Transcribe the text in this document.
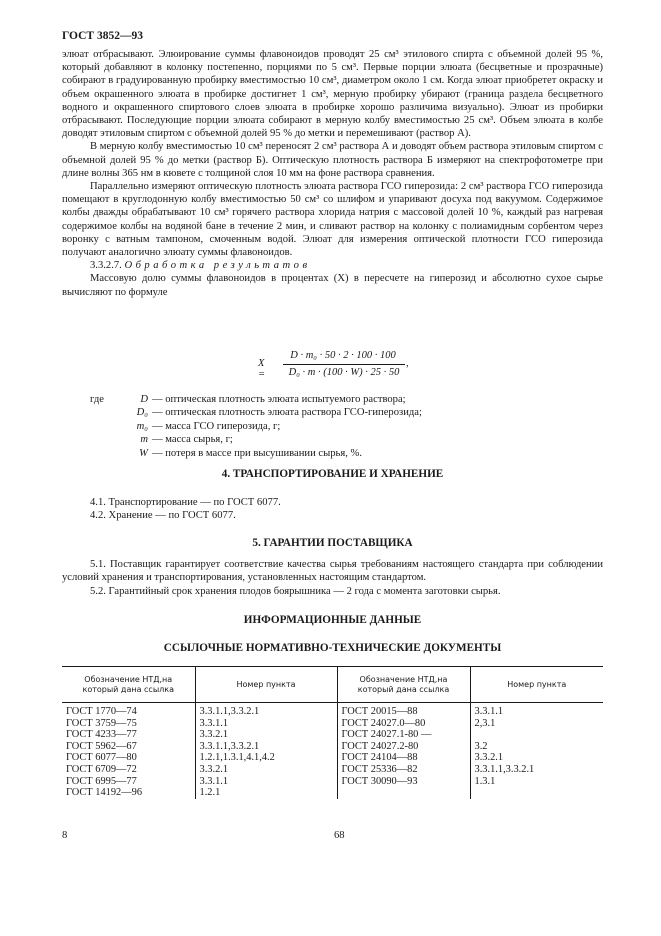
ГОСТ 3852—93

элюат отбрасывают. Элюирование суммы флавоноидов проводят 25 см³ этилового спирта с объемной долей 95 %, который добавляют в колонку постепенно, порциями по 5 см³. Первые порции элюата (бесцветные и прозрачные) собирают в градуированную пробирку вместимостью 10 см³, диаметром около 1 см. Когда элюат приобретет окраску и объем окрашенного элюата в пробирке достигнет 1 см³, мерную пробирку убирают (граница раздела бесцветного водного и окрашенного спиртового слоев элюата в пробирке хорошо различима визуально). Элюат из пробирки отбрасывают. Последующие порции элюата собирают в мерную колбу вместимостью 25 см³. Объем элюата в колбе доводят этиловым спиртом с объемной долей 95 % до метки и перемешивают (раствор А).

В мерную колбу вместимостью 10 см³ переносят 2 см³ раствора А и доводят объем раствора этиловым спиртом с объемной долей 95 % до метки (раствор Б). Оптическую плотность раствора Б измеряют на спектрофотометре при длине волны 365 нм в кювете с толщиной слоя 10 мм на фоне раствора сравнения.

Параллельно измеряют оптическую плотность элюата раствора ГСО гиперозида: 2 см³ раствора ГСО гиперозида помещают в круглодонную колбу вместимостью 50 см³ со шлифом и упаривают досуха под вакуумом. Содержимое колбы дважды обрабатывают 10 см³ горячего раствора хлорида натрия с массовой долей 10 %, каждый раз нагревая содержимое колбы на водяной бане в течение 2 мин, и сливают раствор на колонку с полиамидным сорбентом через воронку с ватным тампоном, смоченным водой. Элюат для измерения оптической плотности ГСО гиперозида получают аналогично элюату суммы флавоноидов.

3.3.2.7. Обработка результатов

Массовую долю суммы флавоноидов в процентах (X) в пересчете на гиперозид и абсолютно сухое сырье вычисляют по формуле

X =
D · m₀ · 50 · 2 · 100 · 100
D₀ · m · (100 · W) · 25 · 50
,
где	D — оптическая плотность элюата испытуемого раствора;
D₀ — оптическая плотность элюата раствора ГСО-гиперозида;
m₀ — масса ГСО гиперозида, г;
m — масса сырья, г;
W — потеря в массе при высушивании сырья, %.
4. ТРАНСПОРТИРОВАНИЕ И ХРАНЕНИЕ
4.1. Транспортирование — по ГОСТ 6077.
4.2. Хранение — по ГОСТ 6077.
5. ГАРАНТИИ ПОСТАВЩИКА

5.1. Поставщик гарантирует соответствие качества сырья требованиям настоящего стандарта при соблюдении условий хранения и транспортирования, установленных настоящим стандартом.

5.2. Гарантийный срок хранения плодов боярышника — 2 года с момента заготовки сырья.

ИНФОРМАЦИОННЫЕ ДАННЫЕ
ССЫЛОЧНЫЕ НОРМАТИВНО-ТЕХНИЧЕСКИЕ ДОКУМЕНТЫ
Обозначение НТД,на который дана ссылка	Номер пункта	Обозначение НТД,на который дана ссылка	Номер пункта
ГОСТ 1770—74	3.3.1.1,3.3.2.1	ГОСТ 20015—88	3.3.1.1
ГОСТ 3759—75	3.3.1.1	ГОСТ 24027.0—80	2,3.1
ГОСТ 4233—77	3.3.2.1	ГОСТ 24027.1-80 —	
ГОСТ 5962—67	3.3.1.1,3.3.2.1	ГОСТ 24027.2-80	3.2
ГОСТ 6077—80	1.2.1,1.3.1,4.1,4.2	ГОСТ 24104—88	3.3.2.1
ГОСТ 6709—72	3.3.2.1	ГОСТ 25336—82	3.3.1.1,3.3.2.1
ГОСТ 6995—77	3.3.1.1	ГОСТ 30090—93	1.3.1
ГОСТ 14192—96	1.2.1		
8	68
